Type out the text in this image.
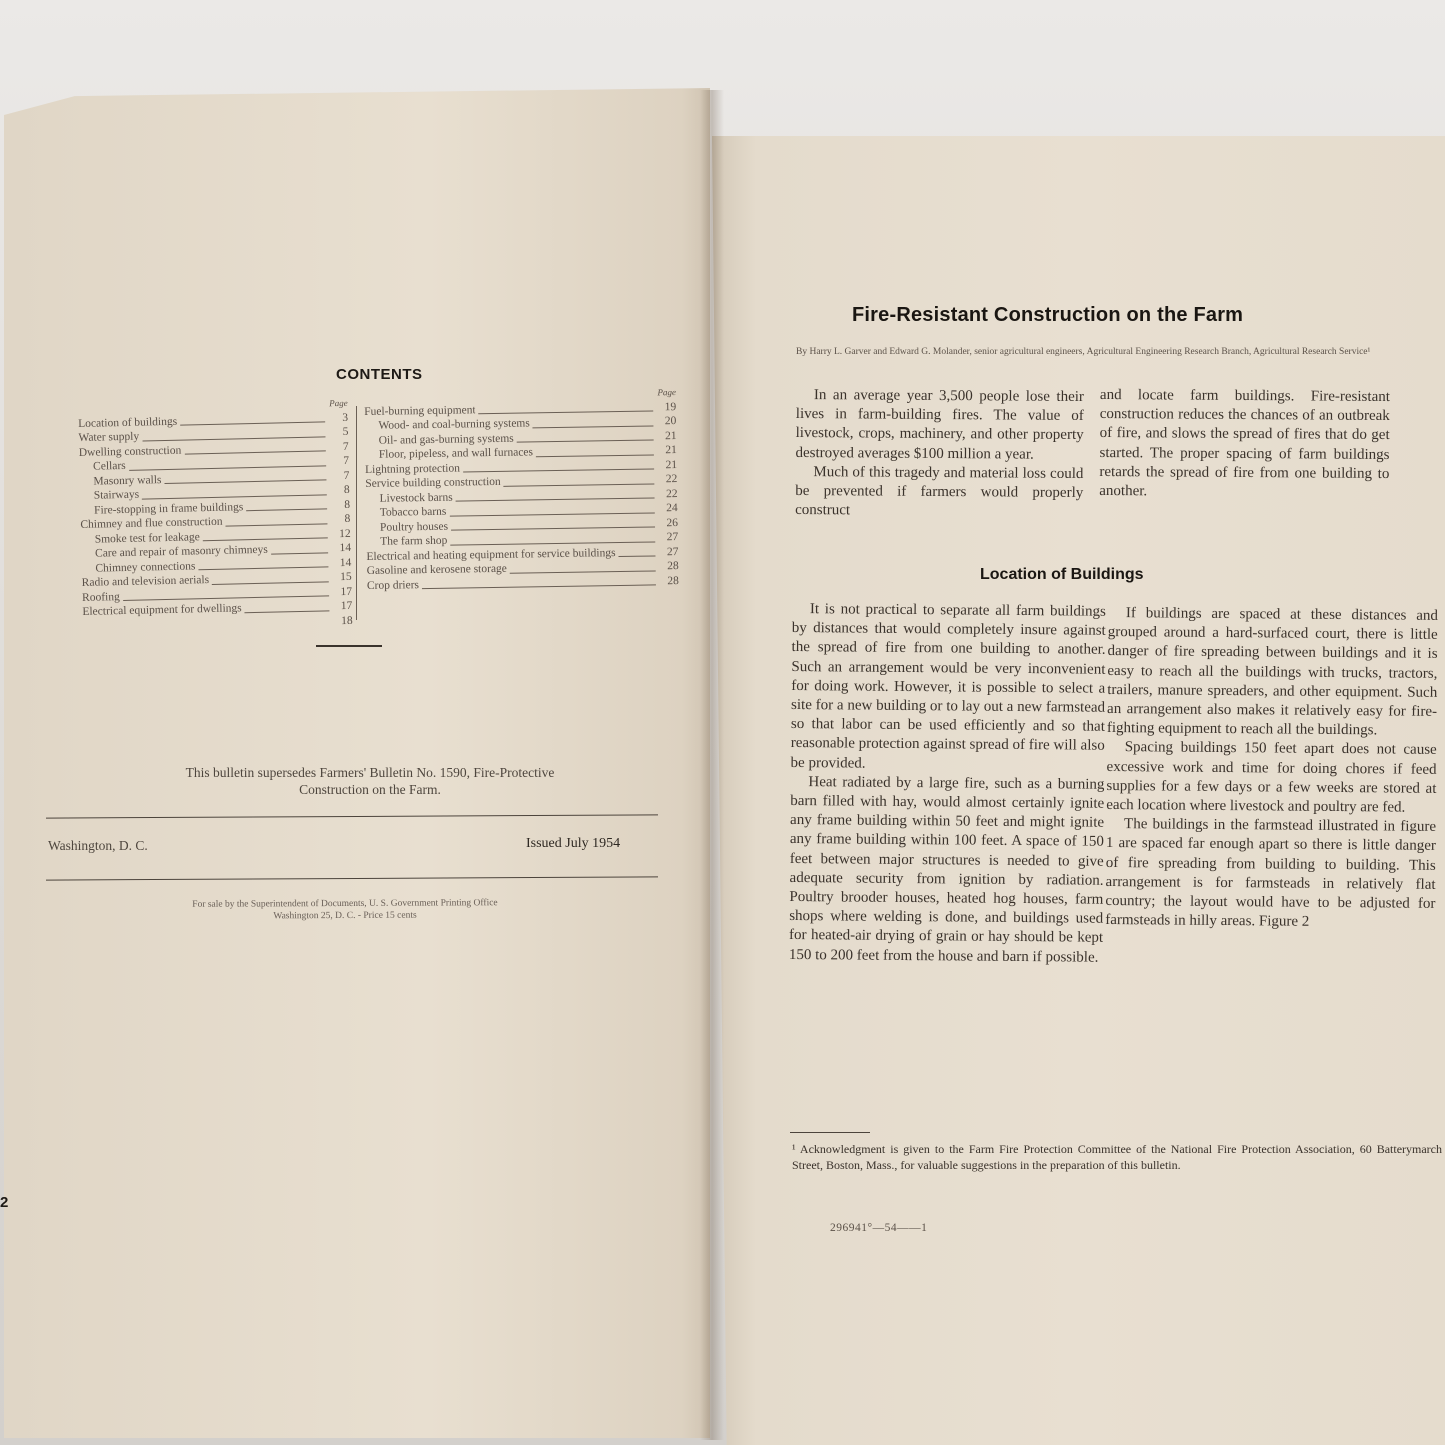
CONTENTS
Page
Location of buildings	3
Water supply	5
Dwelling construction	7
Cellars	7
Masonry walls	7
Stairways	8
Fire-stopping in frame buildings	8
Chimney and flue construction	8
Smoke test for leakage	12
Care and repair of masonry chimneys	14
Chimney connections	14
Radio and television aerials	15
Roofing	17
Electrical equipment for dwellings	17
18
Page
Fuel-burning equipment	19
Wood- and coal-burning systems	20
Oil- and gas-burning systems	21
Floor, pipeless, and wall furnaces	21
Lightning protection	21
Service building construction	22
Livestock barns	22
Tobacco barns	24
Poultry houses	26
The farm shop	27
Electrical and heating equipment for service buildings	27
Gasoline and kerosene storage	28
Crop driers	28
This bulletin supersedes Farmers' Bulletin No. 1590, Fire-Protective
Construction on the Farm.
Washington, D. C.	Issued July 1954
For sale by the Superintendent of Documents, U. S. Government Printing Office
Washington 25, D. C. - Price 15 cents
2
Fire-Resistant Construction on the Farm
By Harry L. Garver and Edward G. Molander, senior agricultural engineers, Agricultural Engineering Research Branch, Agricultural Research Service¹

In an average year 3,500 people lose their lives in farm-building fires. The value of livestock, crops, machinery, and other property destroyed averages $100 million a year.

Much of this tragedy and material loss could be prevented if farmers would properly construct

and locate farm buildings. Fire-resistant construction reduces the chances of an outbreak of fire, and slows the spread of fires that do get started. The proper spacing of farm buildings retards the spread of fire from one building to another.

Location of Buildings

It is not practical to separate all farm buildings by distances that would completely insure against the spread of fire from one building to another. Such an arrangement would be very inconvenient for doing work. However, it is possible to select a site for a new building or to lay out a new farmstead so that labor can be used efficiently and so that reasonable protection against spread of fire will also be provided.

Heat radiated by a large fire, such as a burning barn filled with hay, would almost certainly ignite any frame building within 50 feet and might ignite any frame building within 100 feet. A space of 150 feet between major structures is needed to give adequate security from ignition by radiation. Poultry brooder houses, heated hog houses, farm shops where welding is done, and buildings used for heated-air drying of grain or hay should be kept 150 to 200 feet from the house and barn if possible.

If buildings are spaced at these distances and grouped around a hard-surfaced court, there is little danger of fire spreading between buildings and it is easy to reach all the buildings with trucks, tractors, trailers, manure spreaders, and other equipment. Such an arrangement also makes it relatively easy for fire-fighting equipment to reach all the buildings.

Spacing buildings 150 feet apart does not cause excessive work and time for doing chores if feed supplies for a few days or a few weeks are stored at each location where livestock and poultry are fed.

The buildings in the farmstead illustrated in figure 1 are spaced far enough apart so there is little danger of fire spreading from building to building. This arrangement is for farmsteads in relatively flat country; the layout would have to be adjusted for farmsteads in hilly areas. Figure 2

¹ Acknowledgment is given to the Farm Fire Protection Committee of the National Fire Protection Association, 60 Batterymarch Street, Boston, Mass., for valuable suggestions in the preparation of this bulletin.
296941°—54——1
